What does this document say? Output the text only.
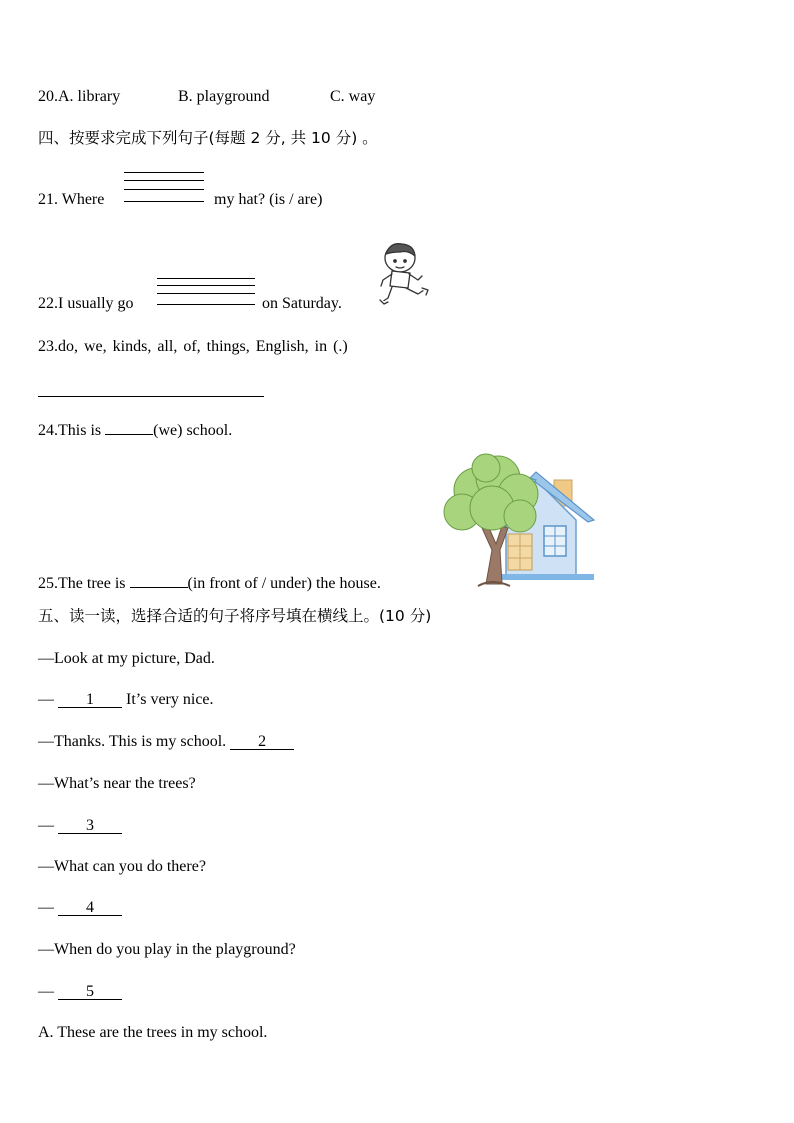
20.A. library	B. playground	C. way
四、按要求完成下列句子(每题 2 分, 共 10 分) 。
21. Where	my hat? (is / are)
22.I usually go	on Saturday.
23.do, we, kinds, all, of, things, English, in (.)
24.This is	(we) school.
25.The tree is	(in front of / under) the house.
五、读一读，选择合适的句子将序号填在横线上。(10 分)
—Look at my picture, Dad.
— 1 It’s very nice.
—Thanks. This is my school. 2
—What’s near the trees?
— 3
—What can you do there?
— 4
—When do you play in the playground?
— 5
A. These are the trees in my school.
